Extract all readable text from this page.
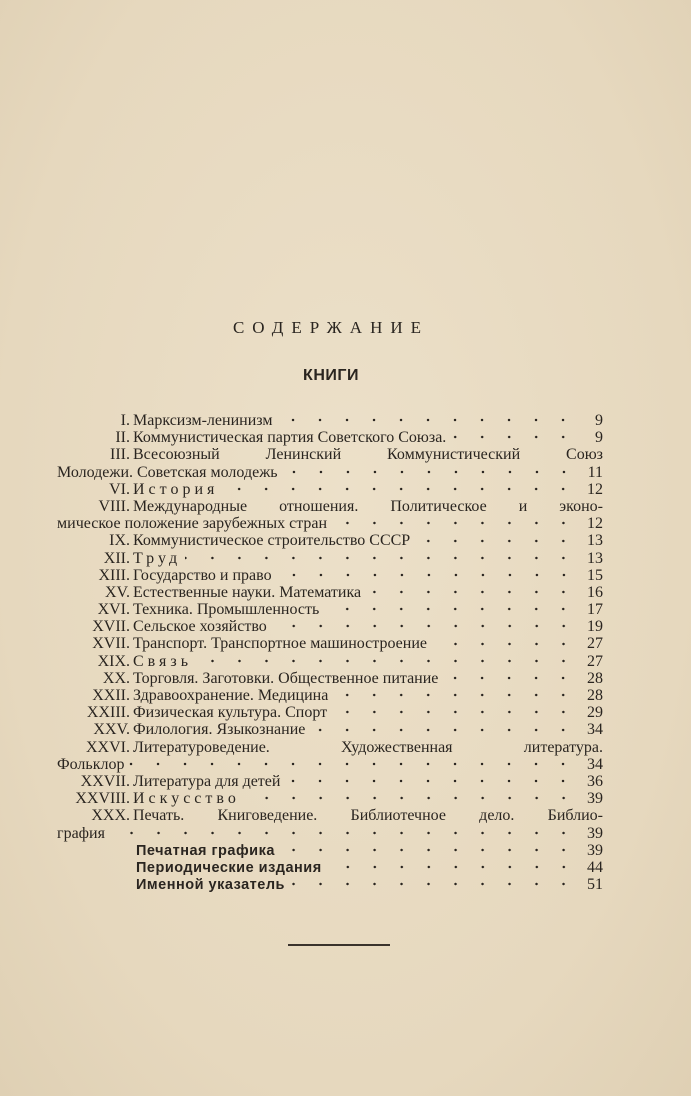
СОДЕРЖАНИЕ
КНИГИ
I. Марксизм-ленинизм	9
II. Коммунистическая партия Советского Союза.	9
III. Всесоюзный Ленинский Коммунистический Союз
Молодежи. Советская молодежь	11
VI. История	12
VIII. Международные отношения. Политическое и эконо-
мическое положение зарубежных стран	12
IX. Коммунистическое строительство СССР	13
XII. Труд	13
XIII. Государство и право	15
XV. Естественные науки. Математика	16
XVI. Техника. Промышленность	17
XVII. Сельское хозяйство	19
XVII. Транспорт. Транспортное машиностроение	27
XIX. Связь	27
XX. Торговля. Заготовки. Общественное питание	28
XXII. Здравоохранение. Медицина	28
XXIII. Физическая культура. Спорт	29
XXV. Филология. Языкознание	34
XXVI. Литературоведение. Художественная литература.
Фольклор	34
XXVII. Литература для детей	36
XXVIII. Искусство	39
XXX. Печать. Книговедение. Библиотечное дело. Библио-
графия	39
Печатная графика	39
Периодические издания	44
Именной указатель	51
